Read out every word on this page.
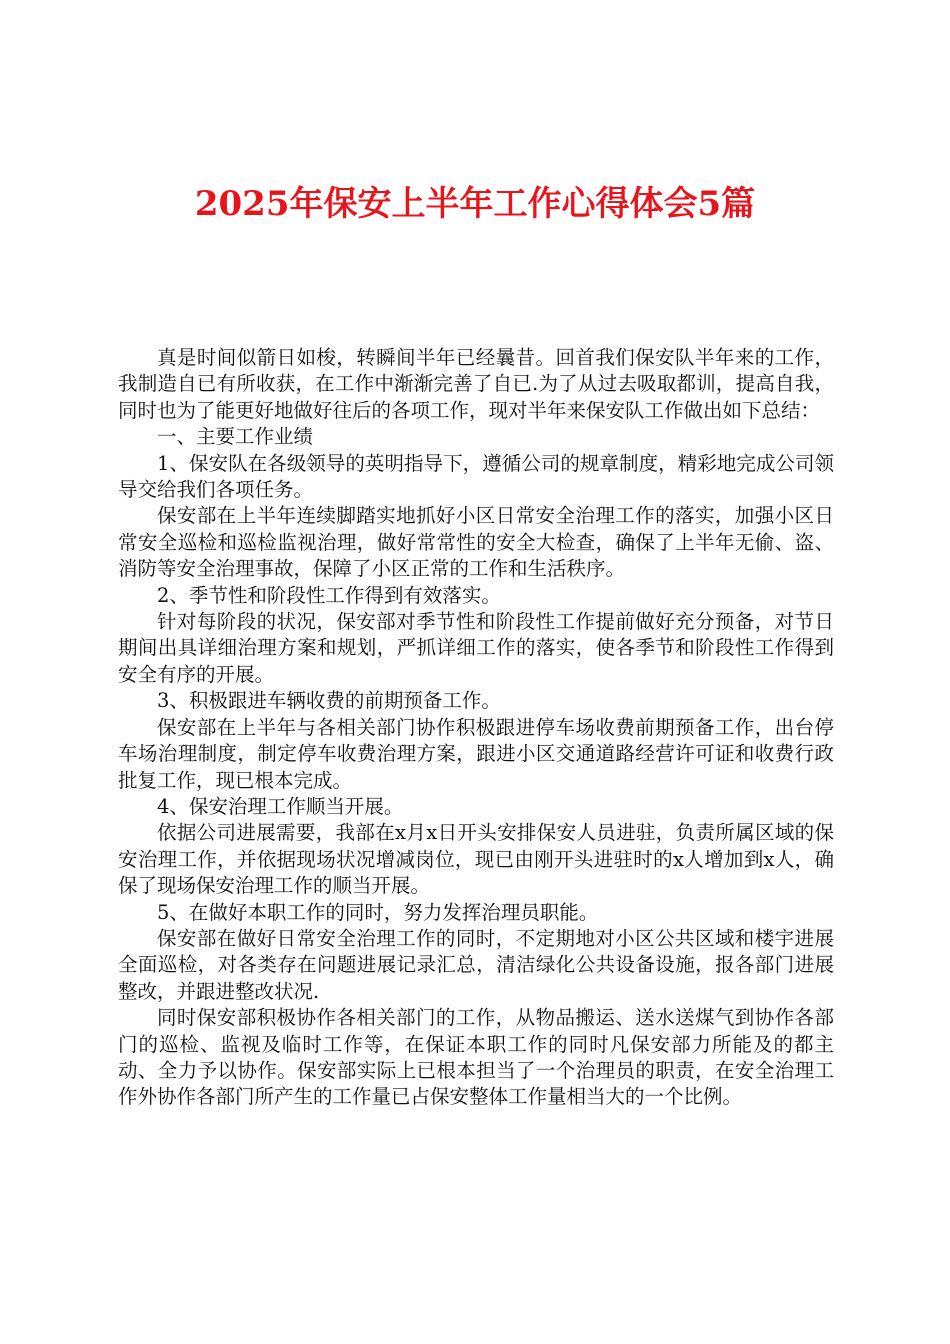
2025年保安上半年工作心得体会5篇

真是时间似箭日如梭，转瞬间半年已经曩昔。回首我们保安队半年来的工作，我制造自已有所收获，在工作中渐渐完善了自已.为了从过去吸取都训，提高自我，同时也为了能更好地做好往后的各项工作，现对半年来保安队工作做出如下总结：

一、主要工作业绩

1、保安队在各级领导的英明指导下，遵循公司的规章制度，精彩地完成公司领导交给我们各项任务。

保安部在上半年连续脚踏实地抓好小区日常安全治理工作的落实，加强小区日常安全巡检和巡检监视治理，做好常常性的安全大检查，确保了上半年无偷、盗、消防等安全治理事故，保障了小区正常的工作和生活秩序。

2、季节性和阶段性工作得到有效落实。

针对每阶段的状况，保安部对季节性和阶段性工作提前做好充分预备，对节日期间出具详细治理方案和规划，严抓详细工作的落实，使各季节和阶段性工作得到安全有序的开展。

3、积极跟进车辆收费的前期预备工作。

保安部在上半年与各相关部门协作积极跟进停车场收费前期预备工作，出台停车场治理制度，制定停车收费治理方案，跟进小区交通道路经营许可证和收费行政批复工作，现已根本完成。

4、保安治理工作顺当开展。

依据公司进展需要，我部在x月x日开头安排保安人员进驻，负责所属区域的保安治理工作，并依据现场状况增减岗位，现已由刚开头进驻时的x人增加到x人，确保了现场保安治理工作的顺当开展。

5、在做好本职工作的同时，努力发挥治理员职能。

保安部在做好日常安全治理工作的同时，不定期地对小区公共区域和楼宇进展全面巡检，对各类存在问题进展记录汇总，清洁绿化公共设备设施，报各部门进展整改，并跟进整改状况.

同时保安部积极协作各相关部门的工作，从物品搬运、送水送煤气到协作各部门的巡检、监视及临时工作等，在保证本职工作的同时凡保安部力所能及的都主动、全力予以协作。保安部实际上已根本担当了一个治理员的职责，在安全治理工作外协作各部门所产生的工作量已占保安整体工作量相当大的一个比例。
